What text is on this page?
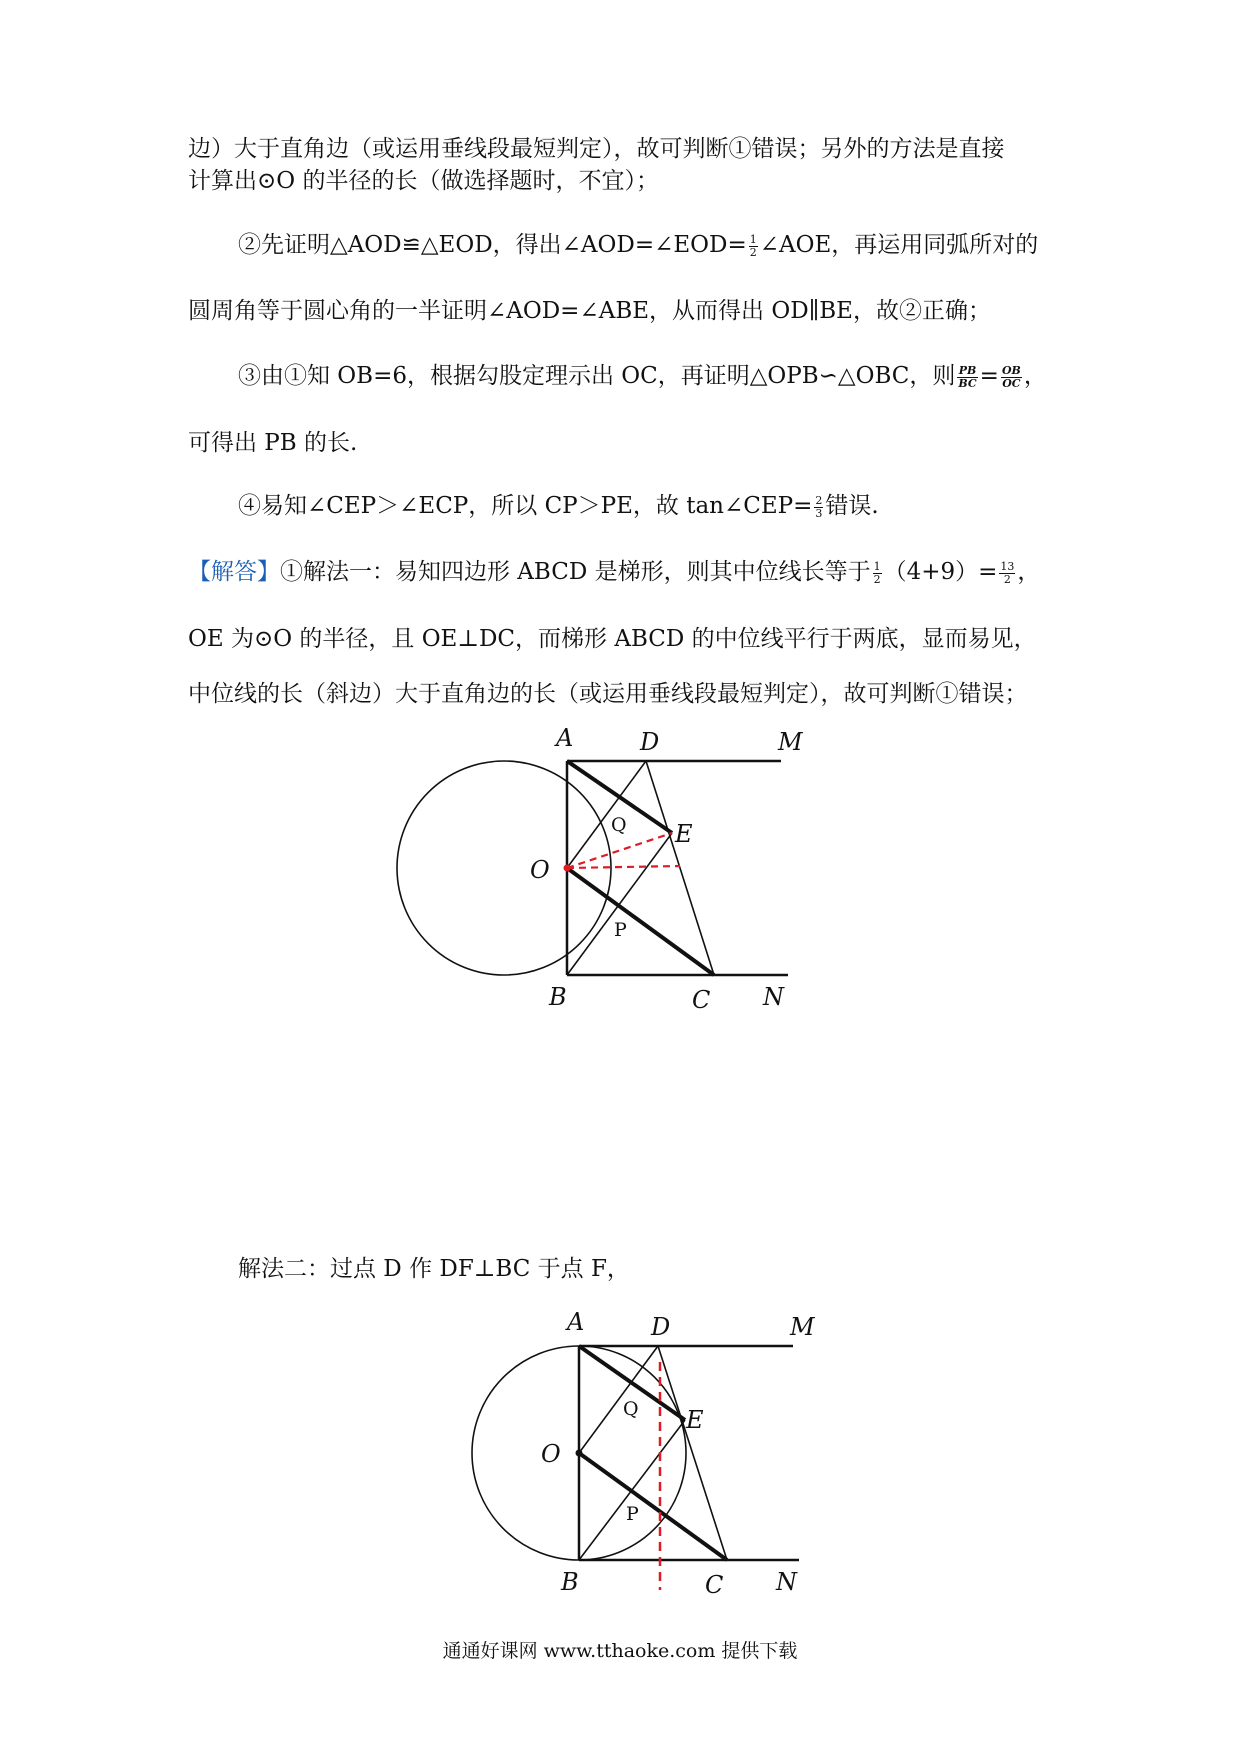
边）大于直角边（或运用垂线段最短判定），故可判断①错误；另外的方法是直接
计算出⊙O 的半径的长（做选择题时，不宜）；
②先证明△AOD≌△EOD，得出∠AOD=∠EOD= $\frac{1}{2}$ ∠AOE，再运用同弧所对的
圆周角等于圆心角的一半证明∠AOD=∠ABE，从而得出 OD∥BE，故②正确；
③由①知 OB=6，根据勾股定理示出 OC，再证明△OPB∽△OBC，则 $\frac{PB}{BC} = \frac{OB}{OC}$ ，
可得出 PB 的长.
④易知∠CEP＞∠ECP，所以 CP＞PE，故 tan∠CEP= $\frac{2}{3}$ 错误.
【解答】①解法一：易知四边形 ABCD 是梯形，则其中位线长等于 $\frac{1}{2} (4+9)= \frac{13}{2}$ ，
OE 为⊙O 的半径，且 OE⊥DC，而梯形 ABCD 的中位线平行于两底，显而易见，
中位线的长（斜边）大于直角边的长（或运用垂线段最短判定），故可判断①错误；
A	D	M
E
O
B	C N
Q
P
解法二：过点 D 作 DF⊥BC 于点 F，
A	D	M
E
O
B	C N
Q
P
通通好课网 www.tthaoke.com 提供下载
